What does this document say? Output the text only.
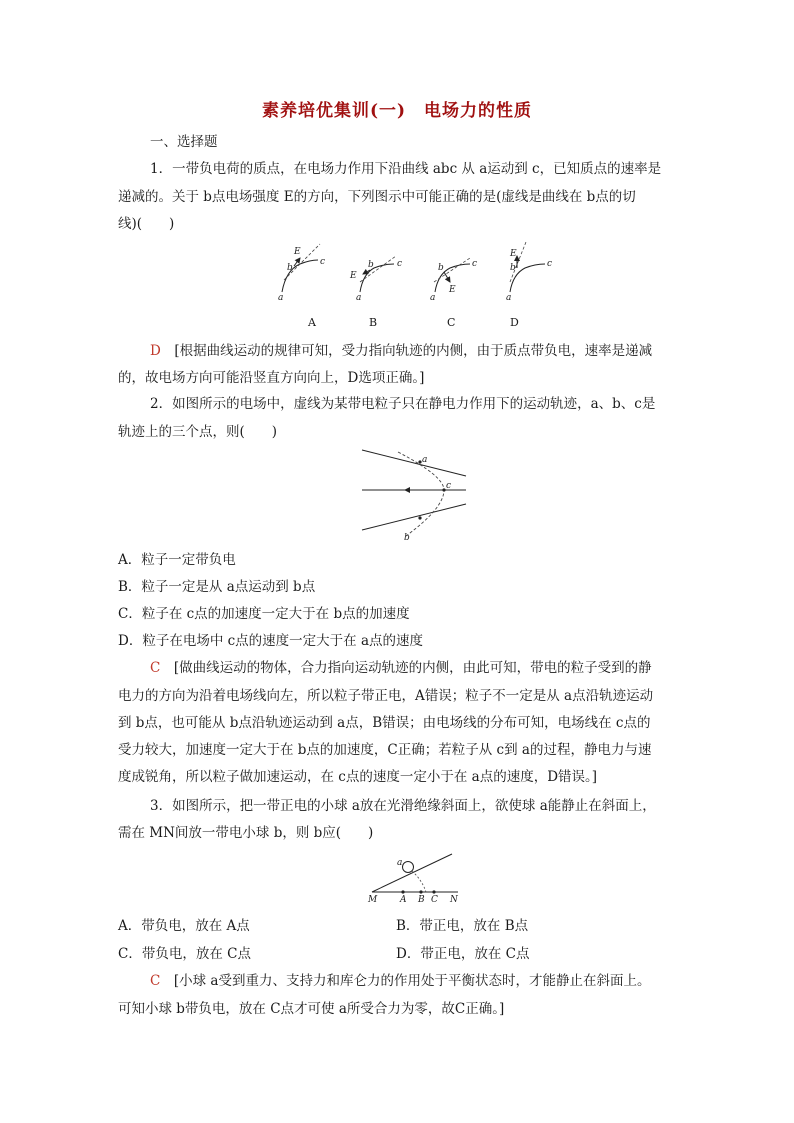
素养培优集训(一) 电场力的性质
一、选择题
1．一带负电荷的质点，在电场力作用下沿曲线 abc 从 a运动到 c，已知质点的速率是
递减的。关于 b点电场强度 E的方向，下列图示中可能正确的是(虚线是曲线在 b点的切
线)(　　)
a
b
c
E
a
b	c
E
a
b	c
E
a
b	c
E
A	B	C	D
D　 [根据曲线运动的规律可知，受力指向轨迹的内侧，由于质点带负电，速率是递减
的，故电场方向可能沿竖直方向向上，D选项正确。]
2．如图所示的电场中，虚线为某带电粒子只在静电力作用下的运动轨迹，a、b、c是
轨迹上的三个点，则(　　)
a
c
b
A．粒子一定带负电
B．粒子一定是从 a点运动到 b点
C．粒子在 c点的加速度一定大于在 b点的加速度
D．粒子在电场中 c点的速度一定大于在 a点的速度
C　 [做曲线运动的物体，合力指向运动轨迹的内侧，由此可知，带电的粒子受到的静
电力的方向为沿着电场线向左，所以粒子带正电，A错误；粒子不一定是从 a点沿轨迹运动
到 b点，也可能从 b点沿轨迹运动到 a点，B错误；由电场线的分布可知，电场线在 c点的
受力较大，加速度一定大于在 b点的加速度，C正确；若粒子从 c到 a的过程，静电力与速
度成锐角，所以粒子做加速运动，在 c点的速度一定小于在 a点的速度，D错误。]
3．如图所示，把一带正电的小球 a放在光滑绝缘斜面上，欲使球 a能静止在斜面上，
需在 MN间放一带电小球 b，则 b应(　　)
a
M	A B C N
A．带负电，放在 A点	B．带正电，放在 B点
C．带负电，放在 C点	D．带正电，放在 C点
C　 [小球 a受到重力、支持力和库仑力的作用处于平衡状态时，才能静止在斜面上。
可知小球 b带负电，放在 C点才可使 a所受合力为零，故C正确。]
